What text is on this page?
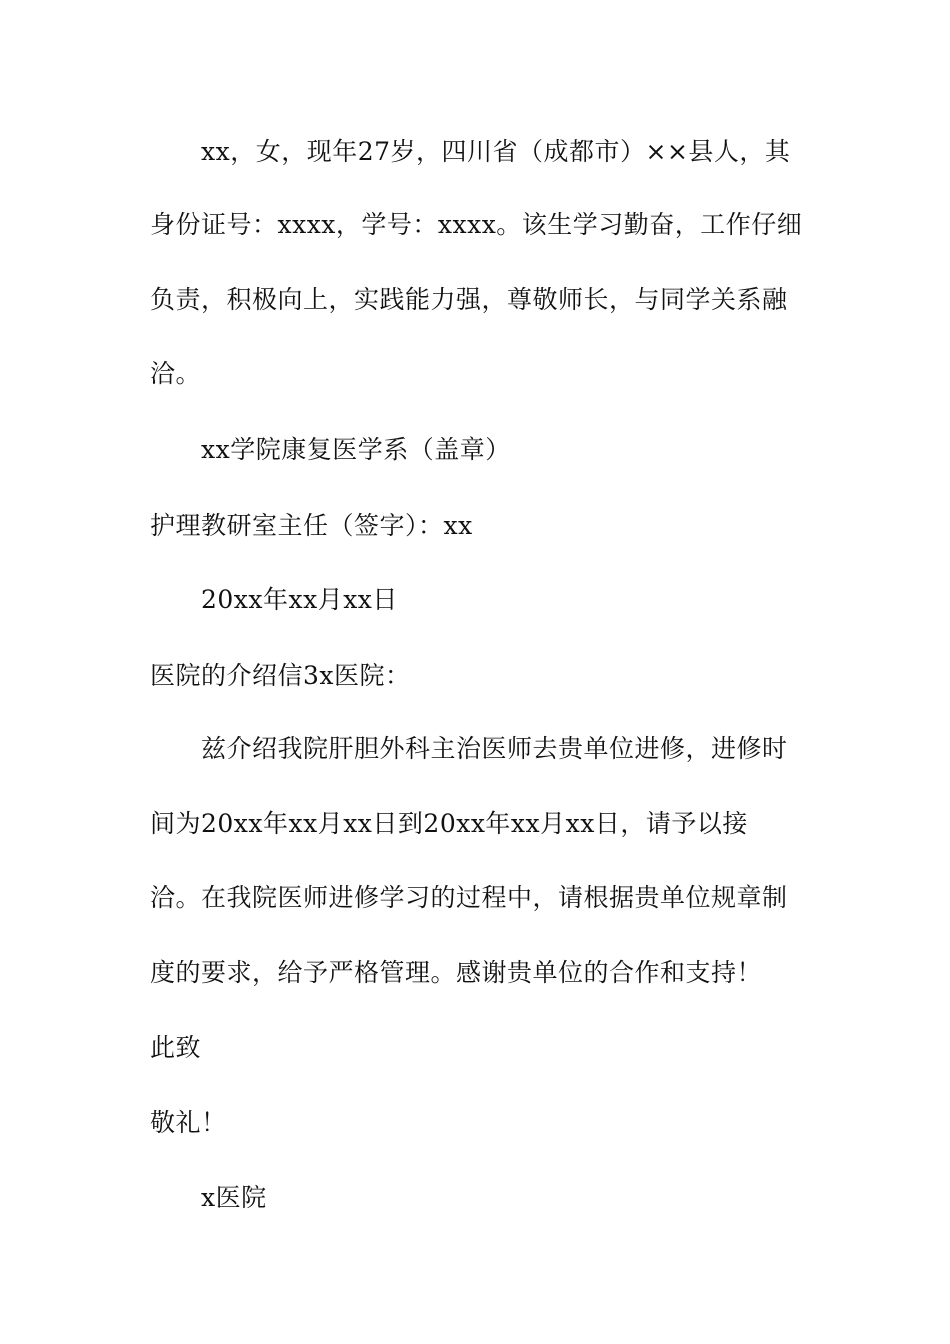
xx，女，现年27岁，四川省（成都市）××县人，其
身份证号：xxxx，学号：xxxx。该生学习勤奋，工作仔细
负责，积极向上，实践能力强，尊敬师长，与同学关系融
洽。
xx学院康复医学系（盖章）
护理教研室主任（签字）：xx
20xx年xx月xx日
医院的介绍信3x医院：
兹介绍我院肝胆外科主治医师去贵单位进修，进修时
间为20xx年xx月xx日到20xx年xx月xx日，请予以接
洽。在我院医师进修学习的过程中，请根据贵单位规章制
度的要求，给予严格管理。感谢贵单位的合作和支持！
此致
敬礼！
x医院
